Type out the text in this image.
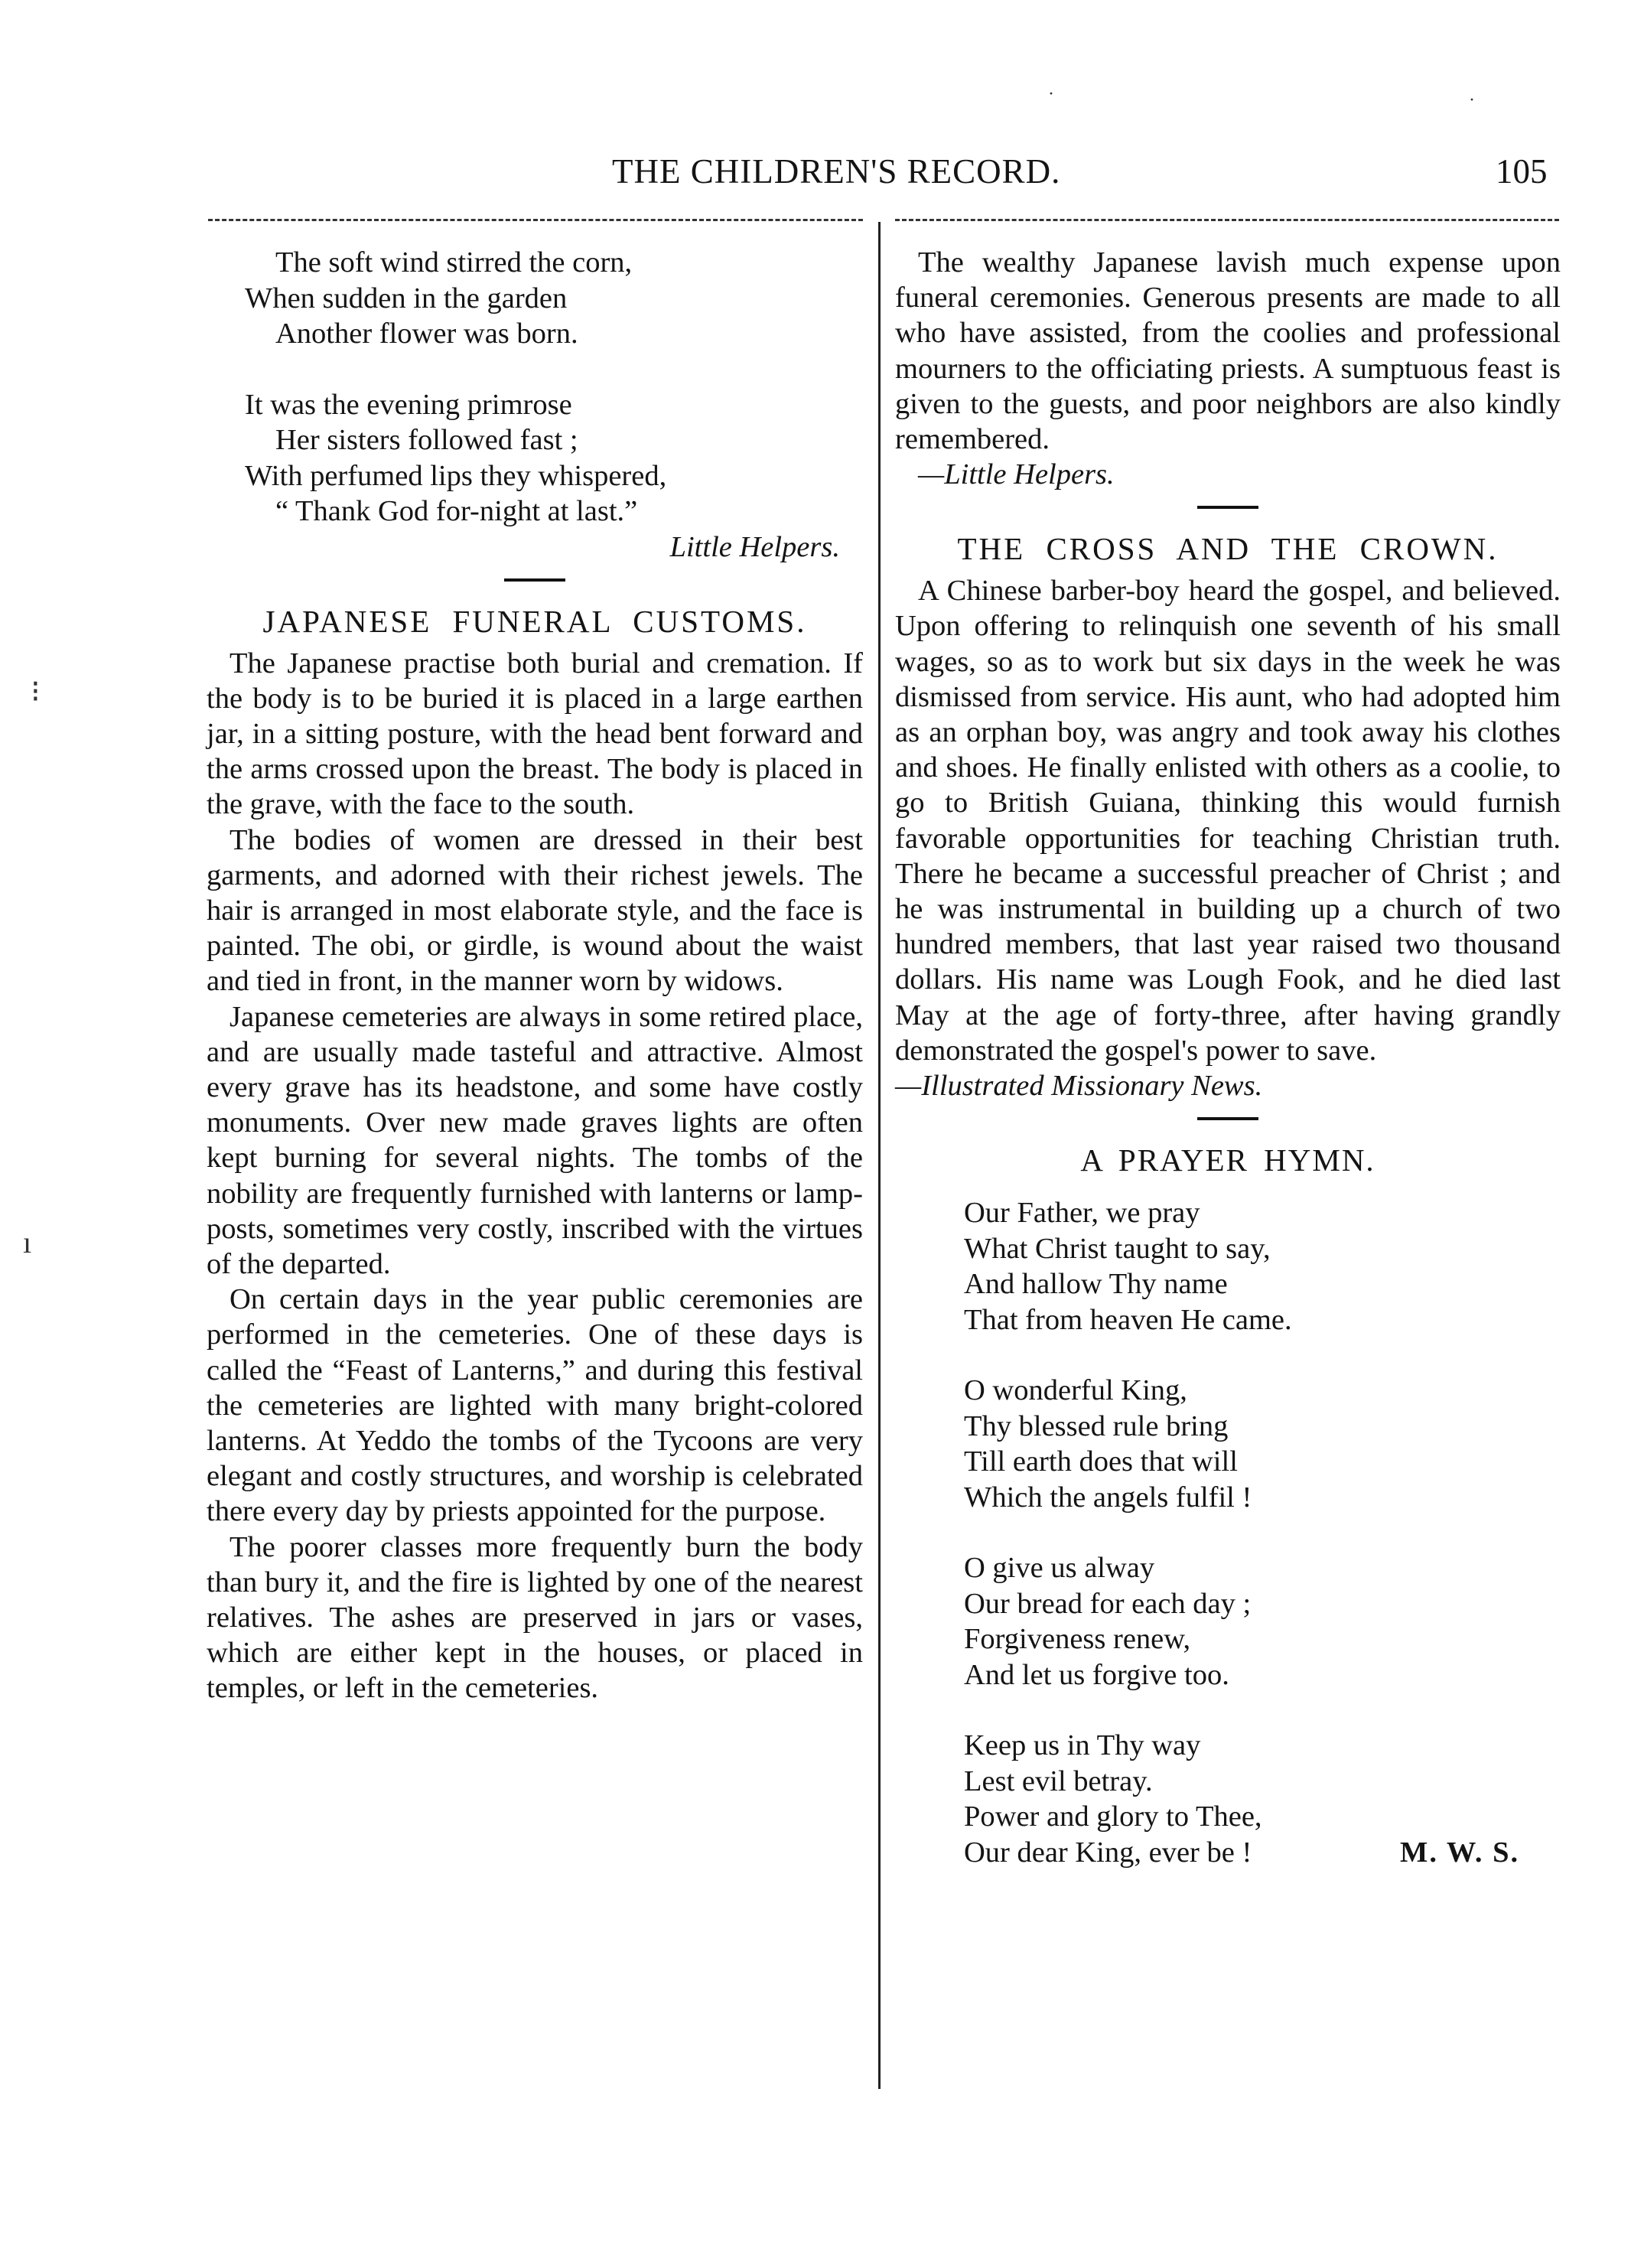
THE CHILDREN'S RECORD.	105
The soft wind stirred the corn,
When sudden in the garden
Another flower was born.
It was the evening primrose
Her sisters followed fast ;
With perfumed lips they whispered,
“ Thank God for-night at last.”
Little Helpers.
JAPANESE FUNERAL CUSTOMS.

The Japanese practise both burial and cremation. If the body is to be buried it is placed in a large earthen jar, in a sitting posture, with the head bent forward and the arms crossed upon the breast. The body is placed in the grave, with the face to the south.

The bodies of women are dressed in their best garments, and adorned with their richest jewels. The hair is arranged in most elaborate style, and the face is painted. The obi, or girdle, is wound about the waist and tied in front, in the manner worn by widows.

Japanese cemeteries are always in some retired place, and are usually made tasteful and attractive. Almost every grave has its headstone, and some have costly monuments. Over new made graves lights are often kept burning for several nights. The tombs of the nobility are frequently furnished with lanterns or lamp-posts, sometimes very costly, inscribed with the virtues of the departed.

On certain days in the year public ceremonies are performed in the cemeteries. One of these days is called the “Feast of Lanterns,” and during this festival the cemeteries are lighted with many bright-colored lanterns. At Yeddo the tombs of the Tycoons are very elegant and costly structures, and worship is celebrated there every day by priests appointed for the purpose.

The poorer classes more frequently burn the body than bury it, and the fire is lighted by one of the nearest relatives. The ashes are preserved in jars or vases, which are either kept in the houses, or placed in temples, or left in the cemeteries.

The wealthy Japanese lavish much expense upon funeral ceremonies. Generous presents are made to all who have assisted, from the coolies and professional mourners to the officiating priests. A sumptuous feast is given to the guests, and poor neighbors are also kindly remembered.

—Little Helpers.
THE CROSS AND THE CROWN.

A Chinese barber-boy heard the gospel, and believed. Upon offering to relinquish one seventh of his small wages, so as to work but six days in the week he was dismissed from service. His aunt, who had adopted him as an orphan boy, was angry and took away his clothes and shoes. He finally enlisted with others as a coolie, to go to British Guiana, thinking this would furnish favorable opportunities for teaching Christian truth. There he became a successful preacher of Christ ; and he was instrumental in building up a church of two hundred members, that last year raised two thousand dollars. His name was Lough Fook, and he died last May at the age of forty-three, after having grandly demonstrated the gospel's power to save.

—Illustrated Missionary News.
A PRAYER HYMN.
Our Father, we pray
What Christ taught to say,
And hallow Thy name
That from heaven He came.
O wonderful King,
Thy blessed rule bring
Till earth does that will
Which the angels fulfil !
O give us alway
Our bread for each day ;
Forgiveness renew,
And let us forgive too.
Keep us in Thy way
Lest evil betray.
Power and glory to Thee,
Our dear King, ever be !	M. W. S.
⁝
ı
·	·
